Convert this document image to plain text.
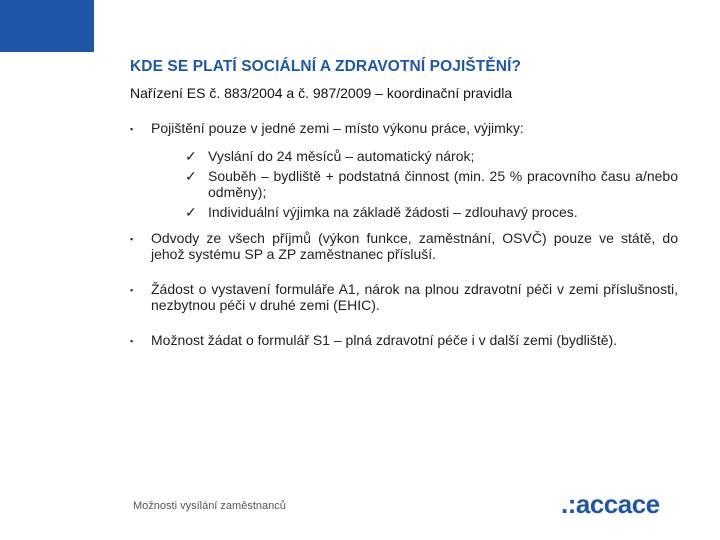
KDE SE PLATÍ SOCIÁLNÍ A ZDRAVOTNÍ POJIŠTĚNÍ?
Nařízení ES č. 883/2004 a č. 987/2009 – koordinační pravidla
▪ Pojištění pouze v jedné zemi – místo výkonu práce, výjimky:
✓ Vyslání do 24 měsíců – automatický nárok;
✓ Souběh – bydliště + podstatná činnost (min. 25 % pracovního času a/nebo odměny);
✓ Individuální výjimka na základě žádosti – zdlouhavý proces.
▪ Odvody ze všech příjmů (výkon funkce, zaměstnání, OSVČ) pouze ve státě, do jehož systému SP a ZP zaměstnanec přísluší.
▪ Žádost o vystavení formuláře A1, nárok na plnou zdravotní péči v zemi příslušnosti, nezbytnou péči v druhé zemi (EHIC).
▪ Možnost žádat o formulář S1 – plná zdravotní péče i v další zemi (bydliště).
Možnosti vysílání zaměstnanců	.:accace
